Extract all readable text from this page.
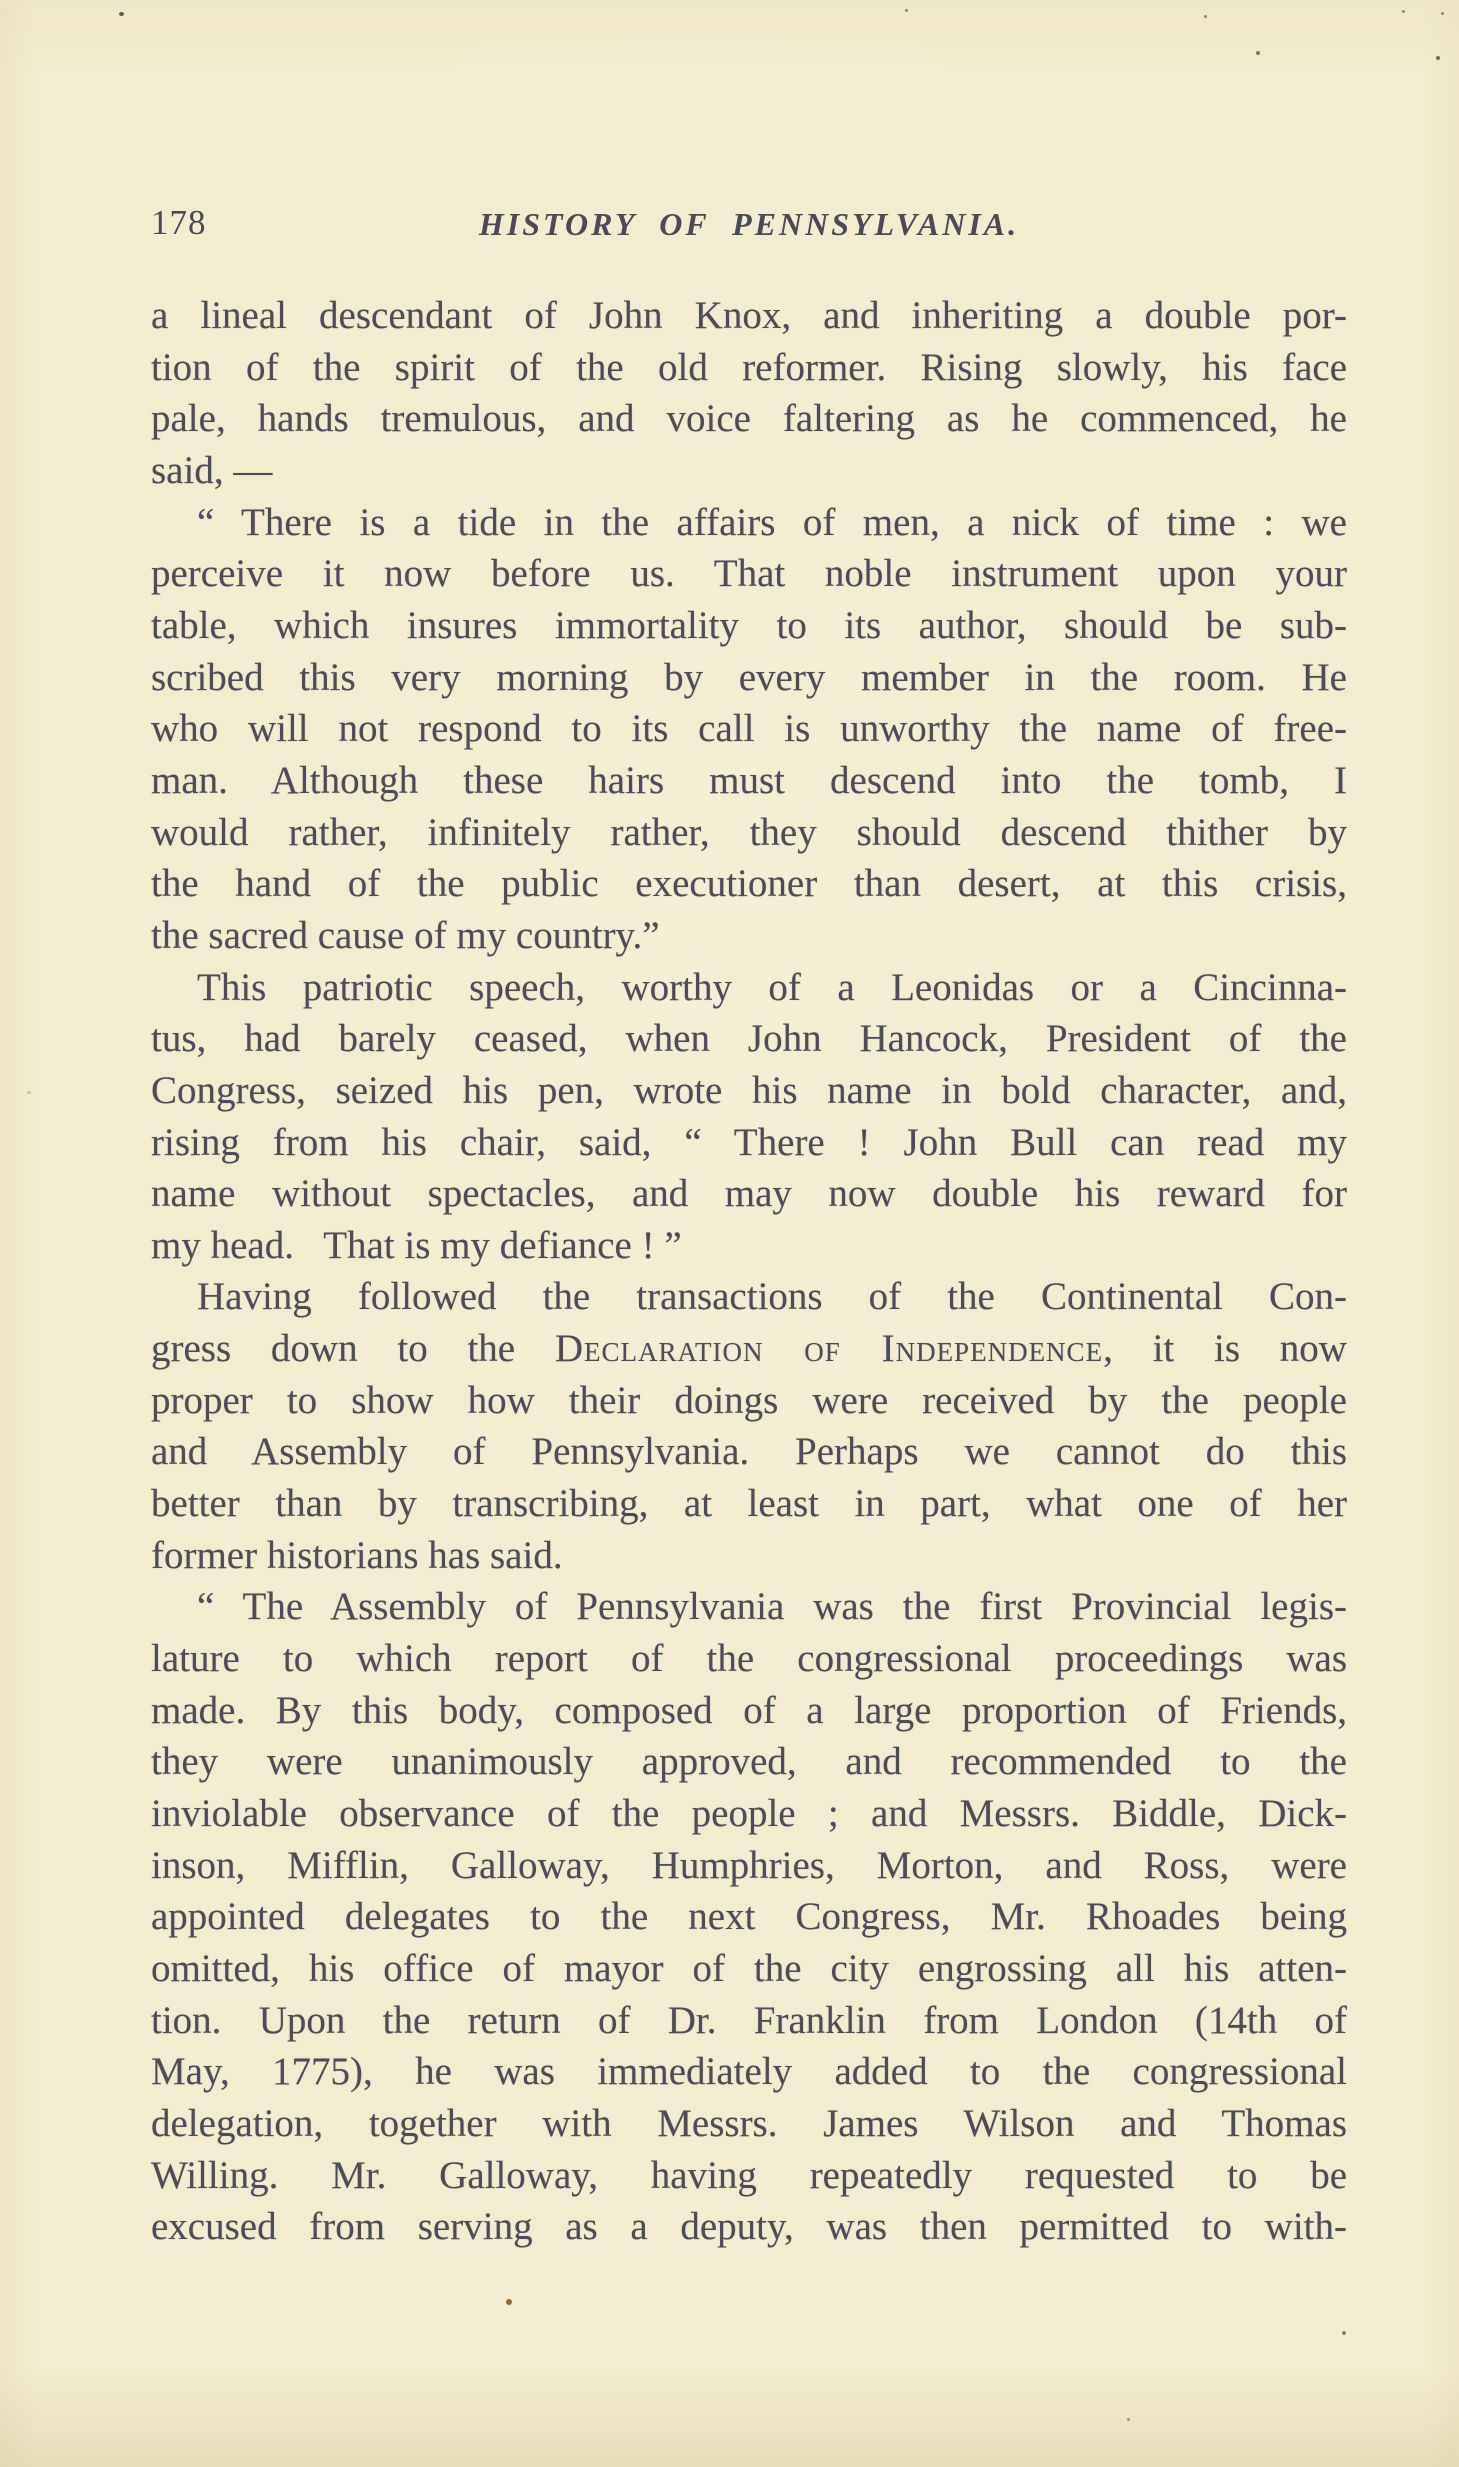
178	HISTORY OF PENNSYLVANIA.
a lineal descendant of John Knox, and inheriting a double por-
tion of the spirit of the old reformer. Rising slowly, his face
pale, hands tremulous, and voice faltering as he commenced, he
said, —
“ There is a tide in the affairs of men, a nick of time : we
perceive it now before us. That noble instrument upon your
table, which insures immortality to its author, should be sub-
scribed this very morning by every member in the room. He
who will not respond to its call is unworthy the name of free-
man. Although these hairs must descend into the tomb, I
would rather, infinitely rather, they should descend thither by
the hand of the public executioner than desert, at this crisis,
the sacred cause of my country.”
This patriotic speech, worthy of a Leonidas or a Cincinna-
tus, had barely ceased, when John Hancock, President of the
Congress, seized his pen, wrote his name in bold character, and,
rising from his chair, said, “ There ! John Bull can read my
name without spectacles, and may now double his reward for
my head.  That is my defiance ! ”
Having followed the transactions of the Continental Con-
gress down to the Declaration of Independence, it is now
proper to show how their doings were received by the people
and Assembly of Pennsylvania. Perhaps we cannot do this
better than by transcribing, at least in part, what one of her
former historians has said.
“ The Assembly of Pennsylvania was the first Provincial legis-
lature to which report of the congressional proceedings was
made. By this body, composed of a large proportion of Friends,
they were unanimously approved, and recommended to the
inviolable observance of the people ; and Messrs. Biddle, Dick-
inson, Mifflin, Galloway, Humphries, Morton, and Ross, were
appointed delegates to the next Congress, Mr. Rhoades being
omitted, his office of mayor of the city engrossing all his atten-
tion. Upon the return of Dr. Franklin from London (14th of
May, 1775), he was immediately added to the congressional
delegation, together with Messrs. James Wilson and Thomas
Willing. Mr. Galloway, having repeatedly requested to be
excused from serving as a deputy, was then permitted to with-
